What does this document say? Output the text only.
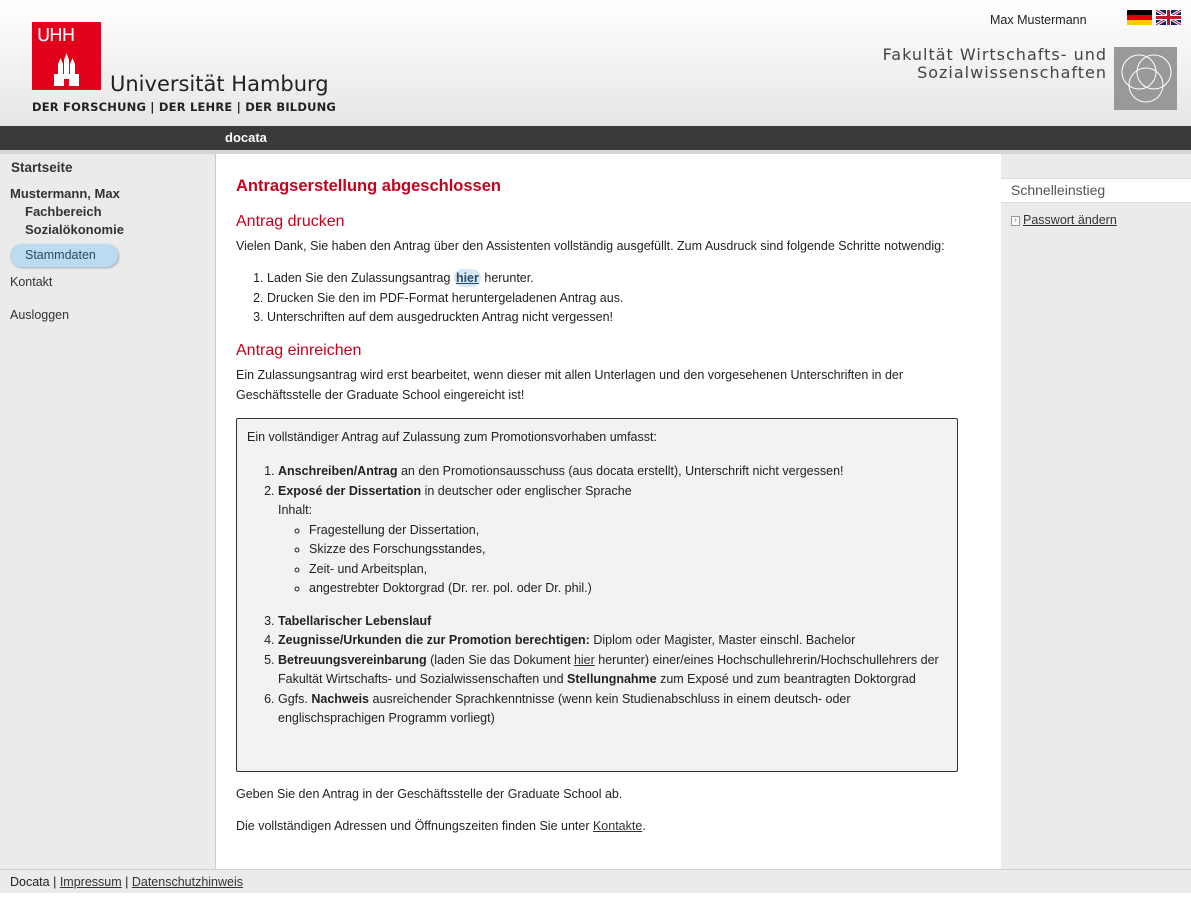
UHH
Universität Hamburg
DER FORSCHUNG | DER LEHRE | DER BILDUNG
Max Mustermann
Fakultät Wirtschafts- und
Sozialwissenschaften
docata
Startseite
Mustermann, Max
Fachbereich
Sozialökonomie
Stammdaten
Kontakt
Ausloggen
Antragserstellung abgeschlossen
Antrag drucken

Vielen Dank, Sie haben den Antrag über den Assistenten vollständig ausgefüllt. Zum Ausdruck sind folgende Schritte notwendig:

1. Laden Sie den Zulassungsantrag hier herunter.
2. Drucken Sie den im PDF-Format heruntergeladenen Antrag aus.
3. Unterschriften auf dem ausgedruckten Antrag nicht vergessen!
Antrag einreichen

Ein Zulassungsantrag wird erst bearbeitet, wenn dieser mit allen Unterlagen und den vorgesehenen Unterschriften in der Geschäftsstelle der Graduate School eingereicht ist!

Ein vollständiger Antrag auf Zulassung zum Promotionsvorhaben umfasst:
1. Anschreiben/Antrag an den Promotionsausschuss (aus docata erstellt), Unterschrift nicht vergessen!
2. Exposé der Dissertation in deutscher oder englischer Sprache
Inhalt:
◦ Fragestellung der Dissertation,
◦ Skizze des Forschungsstandes,
◦ Zeit- und Arbeitsplan,
◦ angestrebter Doktorgrad (Dr. rer. pol. oder Dr. phil.)
3. Tabellarischer Lebenslauf
4. Zeugnisse/Urkunden die zur Promotion berechtigen: Diplom oder Magister, Master einschl. Bachelor
5. Betreuungsvereinbarung (laden Sie das Dokument hier herunter) einer/eines Hochschullehrerin/Hochschullehrers der Fakultät Wirtschafts- und Sozialwissenschaften und Stellungnahme zum Exposé und zum beantragten Doktorgrad
6. Ggfs. Nachweis ausreichender Sprachkenntnisse (wenn kein Studienabschluss in einem deutsch- oder englischsprachigen Programm vorliegt)

Geben Sie den Antrag in der Geschäftsstelle der Graduate School ab.

Die vollständigen Adressen und Öffnungszeiten finden Sie unter Kontakte.

Schnelleinstieg
› Passwort ändern
Docata | Impressum | Datenschutzhinweis
